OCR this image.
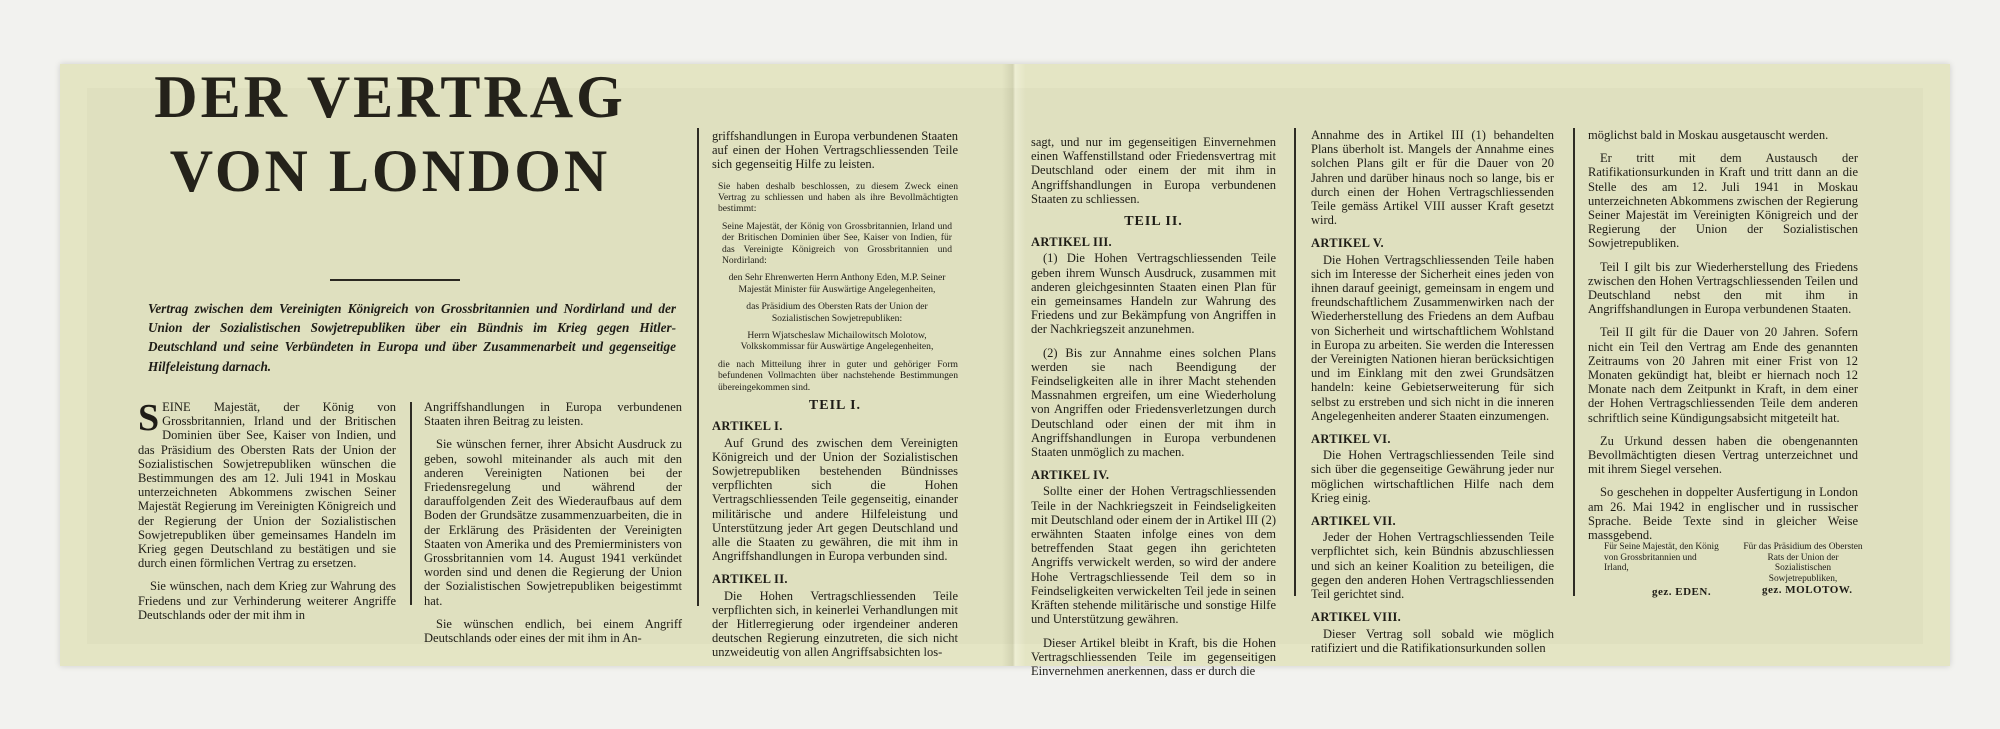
DER VERTRAG
VON LONDON
Vertrag zwischen dem Vereinigten Königreich von Grossbritannien und Nordirland und der Union der Sozialistischen Sowjetrepubliken über ein Bündnis im Krieg gegen Hitler-Deutschland und seine Verbündeten in Europa und über Zusammenarbeit und gegenseitige Hilfeleistung darnach.

SEINE Majestät, der König von Grossbritannien, Irland und der Britischen Dominien über See, Kaiser von Indien, und das Präsidium des Obersten Rats der Union der Sozialistischen Sowjetrepubliken wünschen die Bestimmungen des am 12. Juli 1941 in Moskau unterzeichneten Abkommens zwischen Seiner Majestät Regierung im Vereinigten Königreich und der Regierung der Union der Sozialistischen Sowjetrepubliken über gemeinsames Handeln im Krieg gegen Deutschland zu bestätigen und sie durch einen förmlichen Vertrag zu ersetzen.

Sie wünschen, nach dem Krieg zur Wahrung des Friedens und zur Verhinderung weiterer Angriffe Deutschlands oder der mit ihm in

Angriffshandlungen in Europa verbundenen Staaten ihren Beitrag zu leisten.

Sie wünschen ferner, ihrer Absicht Ausdruck zu geben, sowohl miteinander als auch mit den anderen Vereinigten Nationen bei der Friedensregelung und während der darauffolgenden Zeit des Wiederaufbaus auf dem Boden der Grundsätze zusammenzuarbeiten, die in der Erklärung des Präsidenten der Vereinigten Staaten von Amerika und des Premierministers von Grossbritannien vom 14. August 1941 verkündet worden sind und denen die Regierung der Union der Sozialistischen Sowjetrepubliken beigestimmt hat.

Sie wünschen endlich, bei einem Angriff Deutschlands oder eines der mit ihm in An-

griffshandlungen in Europa verbundenen Staaten auf einen der Hohen Vertragschliessenden Teile sich gegenseitig Hilfe zu leisten.

Sie haben deshalb beschlossen, zu diesem Zweck einen Vertrag zu schliessen und haben als ihre Bevollmächtigten bestimmt:

Seine Majestät, der König von Grossbritannien, Irland und der Britischen Dominien über See, Kaiser von Indien, für das Vereinigte Königreich von Grossbritannien und Nordirland:

den Sehr Ehrenwerten Herrn Anthony Eden, M.P. Seiner Majestät Minister für Auswärtige Angelegenheiten,

das Präsidium des Obersten Rats der Union der Sozialistischen Sowjetrepubliken:

Herrn Wjatscheslaw Michailowitsch Molotow, Volkskommissar für Auswärtige Angelegenheiten,

die nach Mitteilung ihrer in guter und gehöriger Form befundenen Vollmachten über nachstehende Bestimmungen übereingekommen sind.

TEIL I.
ARTIKEL I.

Auf Grund des zwischen dem Vereinigten Königreich und der Union der Sozialistischen Sowjetrepubliken bestehenden Bündnisses verpflichten sich die Hohen Vertragschliessenden Teile gegenseitig, einander militärische und andere Hilfeleistung und Unterstützung jeder Art gegen Deutschland und alle die Staaten zu gewähren, die mit ihm in Angriffshandlungen in Europa verbunden sind.

ARTIKEL II.

Die Hohen Vertragschliessenden Teile verpflichten sich, in keinerlei Verhandlungen mit der Hitlerregierung oder irgendeiner anderen deutschen Regierung einzutreten, die sich nicht unzweideutig von allen Angriffsabsichten los-

sagt, und nur im gegenseitigen Einvernehmen einen Waffenstillstand oder Friedensvertrag mit Deutschland oder einem der mit ihm in Angriffshandlungen in Europa verbundenen Staaten zu schliessen.

TEIL II.
ARTIKEL III.

(1) Die Hohen Vertragschliessenden Teile geben ihrem Wunsch Ausdruck, zusammen mit anderen gleichgesinnten Staaten einen Plan für ein gemeinsames Handeln zur Wahrung des Friedens und zur Bekämpfung von Angriffen in der Nachkriegszeit anzunehmen.

(2) Bis zur Annahme eines solchen Plans werden sie nach Beendigung der Feindseligkeiten alle in ihrer Macht stehenden Massnahmen ergreifen, um eine Wiederholung von Angriffen oder Friedensverletzungen durch Deutschland oder einen der mit ihm in Angriffshandlungen in Europa verbundenen Staaten unmöglich zu machen.

ARTIKEL IV.

Sollte einer der Hohen Vertragschliessenden Teile in der Nachkriegszeit in Feindseligkeiten mit Deutschland oder einem der in Artikel III (2) erwähnten Staaten infolge eines von dem betreffenden Staat gegen ihn gerichteten Angriffs verwickelt werden, so wird der andere Hohe Vertragschliessende Teil dem so in Feindseligkeiten verwickelten Teil jede in seinen Kräften stehende militärische und sonstige Hilfe und Unterstützung gewähren.

Dieser Artikel bleibt in Kraft, bis die Hohen Vertragschliessenden Teile im gegenseitigen Einvernehmen anerkennen, dass er durch die

Annahme des in Artikel III (1) behandelten Plans überholt ist. Mangels der Annahme eines solchen Plans gilt er für die Dauer von 20 Jahren und darüber hinaus noch so lange, bis er durch einen der Hohen Vertragschliessenden Teile gemäss Artikel VIII ausser Kraft gesetzt wird.

ARTIKEL V.

Die Hohen Vertragschliessenden Teile haben sich im Interesse der Sicherheit eines jeden von ihnen darauf geeinigt, gemeinsam in engem und freundschaftlichem Zusammenwirken nach der Wiederherstellung des Friedens an dem Aufbau von Sicherheit und wirtschaftlichem Wohlstand in Europa zu arbeiten. Sie werden die Interessen der Vereinigten Nationen hieran berücksichtigen und im Einklang mit den zwei Grundsätzen handeln: keine Gebietserweiterung für sich selbst zu erstreben und sich nicht in die inneren Angelegenheiten anderer Staaten einzumengen.

ARTIKEL VI.

Die Hohen Vertragschliessenden Teile sind sich über die gegenseitige Gewährung jeder nur möglichen wirtschaftlichen Hilfe nach dem Krieg einig.

ARTIKEL VII.

Jeder der Hohen Vertragschliessenden Teile verpflichtet sich, kein Bündnis abzuschliessen und sich an keiner Koalition zu beteiligen, die gegen den anderen Hohen Vertragschliessenden Teil gerichtet sind.

ARTIKEL VIII.

Dieser Vertrag soll sobald wie möglich ratifiziert und die Ratifikationsurkunden sollen

möglichst bald in Moskau ausgetauscht werden.

Er tritt mit dem Austausch der Ratifikationsurkunden in Kraft und tritt dann an die Stelle des am 12. Juli 1941 in Moskau unterzeichneten Abkommens zwischen der Regierung Seiner Majestät im Vereinigten Königreich und der Regierung der Union der Sozialistischen Sowjetrepubliken.

Teil I gilt bis zur Wiederherstellung des Friedens zwischen den Hohen Vertragschliessenden Teilen und Deutschland nebst den mit ihm in Angriffshandlungen in Europa verbundenen Staaten.

Teil II gilt für die Dauer von 20 Jahren. Sofern nicht ein Teil den Vertrag am Ende des genannten Zeitraums von 20 Jahren mit einer Frist von 12 Monaten gekündigt hat, bleibt er hiernach noch 12 Monate nach dem Zeitpunkt in Kraft, in dem einer der Hohen Vertragschliessenden Teile dem anderen schriftlich seine Kündigungsabsicht mitgeteilt hat.

Zu Urkund dessen haben die obengenannten Bevollmächtigten diesen Vertrag unterzeichnet und mit ihrem Siegel versehen.

So geschehen in doppelter Ausfertigung in London am 26. Mai 1942 in englischer und in russischer Sprache. Beide Texte sind in gleicher Weise massgebend.

Für Seine Majestät, den König von Grossbritannien und Irland,
Für das Präsidium des Obersten Rats der Union der Sozialistischen Sowjetrepubliken,
gez. EDEN.	gez. MOLOTOW.
